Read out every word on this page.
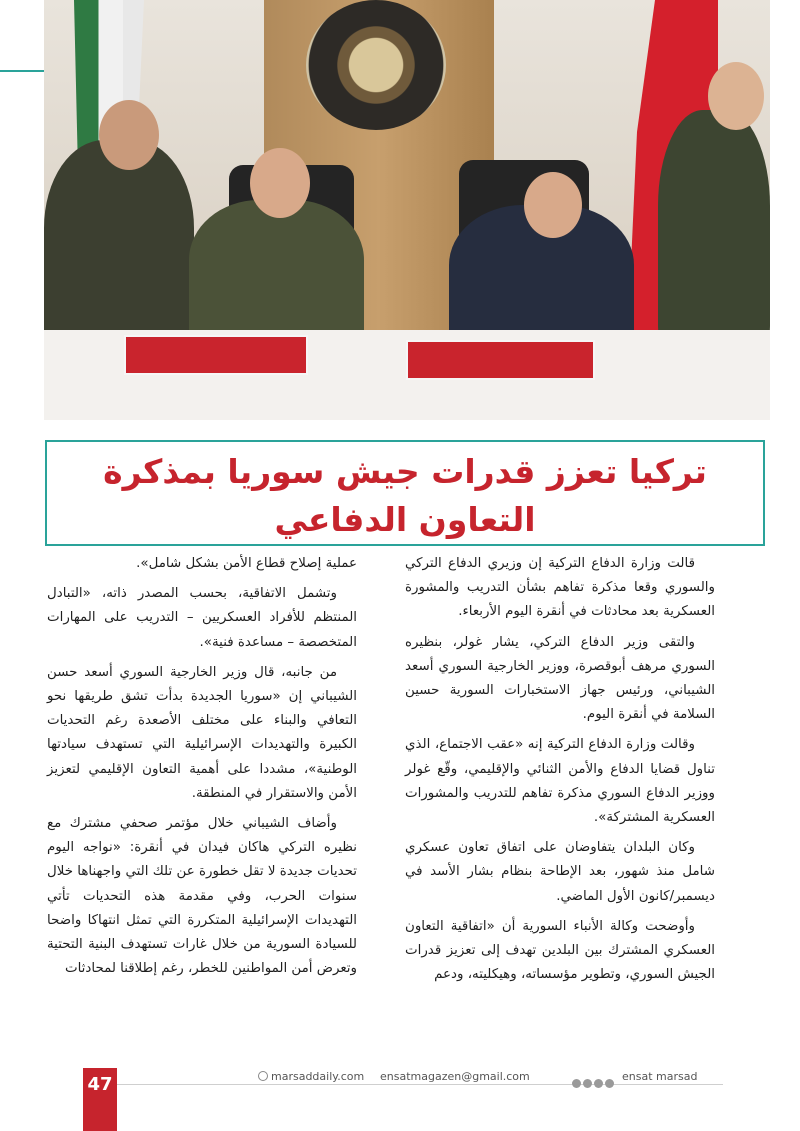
تركيا تعزز قدرات جيش سوريا بمذكرة التعاون الدفاعي

قالت وزارة الدفاع التركية إن وزيري الدفاع التركي والسوري وقعا مذكرة تفاهم بشأن التدريب والمشورة العسكرية بعد محادثات في أنقرة اليوم الأربعاء.

والتقى وزير الدفاع التركي، يشار غولر، بنظيره السوري مرهف أبوقصرة، ووزير الخارجية السوري أسعد الشيباني، ورئيس جهاز الاستخبارات السورية حسين السلامة في أنقرة اليوم.

وقالت وزارة الدفاع التركية إنه «عقب الاجتماع، الذي تناول قضايا الدفاع والأمن الثنائي والإقليمي، وقّع غولر ووزير الدفاع السوري مذكرة تفاهم للتدريب والمشورات العسكرية المشتركة».

وكان البلدان يتفاوضان على اتفاق تعاون عسكري شامل منذ شهور، بعد الإطاحة بنظام بشار الأسد في ديسمبر/كانون الأول الماضي.

وأوضحت وكالة الأنباء السورية أن «اتفاقية التعاون العسكري المشترك بين البلدين تهدف إلى تعزيز قدرات الجيش السوري، وتطوير مؤسساته، وهيكليته، ودعم

عملية إصلاح قطاع الأمن بشكل شامل».

وتشمل الاتفاقية، بحسب المصدر ذاته، «التبادل المنتظم للأفراد العسكريين – التدريب على المهارات المتخصصة – مساعدة فنية».

من جانبه، قال وزير الخارجية السوري أسعد حسن الشيباني إن «سوريا الجديدة بدأت تشق طريقها نحو التعافي والبناء على مختلف الأصعدة رغم التحديات الكبيرة والتهديدات الإسرائيلية التي تستهدف سيادتها الوطنية»، مشددا على أهمية التعاون الإقليمي لتعزيز الأمن والاستقرار في المنطقة.

وأضاف الشيباني خلال مؤتمر صحفي مشترك مع نظيره التركي هاكان فيدان في أنقرة: «نواجه اليوم تحديات جديدة لا تقل خطورة عن تلك التي واجهناها خلال سنوات الحرب، وفي مقدمة هذه التحديات تأتي التهديدات الإسرائيلية المتكررة التي تمثل انتهاكا واضحا للسيادة السورية من خلال غارات تستهدف البنية التحتية وتعرض أمن المواطنين للخطر، رغم إطلاقنا لمحادثات

47	marsaddaily.com ensatmagazen@gmail.com	ensat marsad
